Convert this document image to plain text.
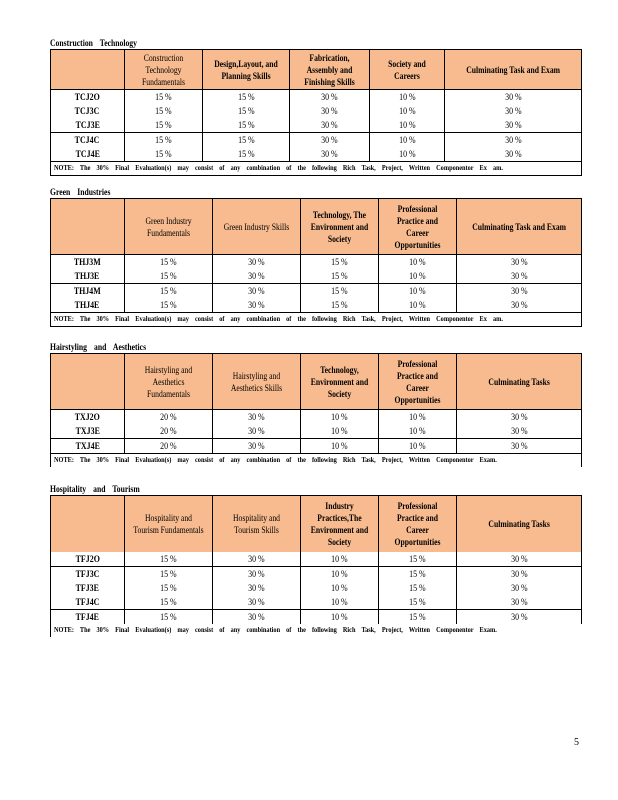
Construction Technology
	Construction Technology Fundamentals	Design,Layout, and Planning Skills	Fabrication, Assembly and Finishing Skills	Society and Careers	Culminating Task and Exam
TCJ2O	15 %	15 %	30 %	10 %	30 %
TCJ3C	15 %	15 %	30 %	10 %	30 %
TCJ3E	15 %	15 %	30 %	10 %	30 %
TCJ4C	15 %	15 %	30 %	10 %	30 %
TCJ4E	15 %	15 %	30 %	10 %	30 %
NOTE: The 30% Final Evaluation(s) may consist of any combination of the following Rich Task, Project, Written Componentor Ex am.
Green Industries
	Green Industry Fundamentals	Green Industry Skills	Technology, The Environment and Society	Professional Practice and Career Opportunities	Culminating Task and Exam
THJ3M	15 %	30 %	15 %	10 %	30 %
THJ3E	15 %	30 %	15 %	10 %	30 %
THJ4M	15 %	30 %	15 %	10 %	30 %
THJ4E	15 %	30 %	15 %	10 %	30 %
NOTE: The 30% Final Evaluation(s) may consist of any combination of the following Rich Task, Project, Written Componentor Ex am.
Hairstyling and Aesthetics
	Hairstyling and Aesthetics Fundamentals	Hairstyling and Aesthetics Skills	Technology, Environment and Society	Professional Practice and Career Opportunities	Culminating Tasks
TXJ2O	20 %	30 %	10 %	10 %	30 %
TXJ3E	20 %	30 %	10 %	10 %	30 %
TXJ4E	20 %	30 %	10 %	10 %	30 %
NOTE: The 30% Final Evaluation(s) may consist of any combination of the following Rich Task, Project, Written Componentor Exam.
Hospitality and Tourism
	Hospitality and Tourism Fundamentals	Hospitality and Tourism Skills	Industry Practices,The Environment and Society	Professional Practice and Career Opportunities	Culminating Tasks
TFJ2O	15 %	30 %	10 %	15 %	30 %
TFJ3C	15 %	30 %	10 %	15 %	30 %
TFJ3E	15 %	30 %	10 %	15 %	30 %
TFJ4C	15 %	30 %	10 %	15 %	30 %
TFJ4E	15 %	30 %	10 %	15 %	30 %
NOTE: The 30% Final Evaluation(s) may consist of any combination of the following Rich Task, Project, Written Componentor Exam.
5
